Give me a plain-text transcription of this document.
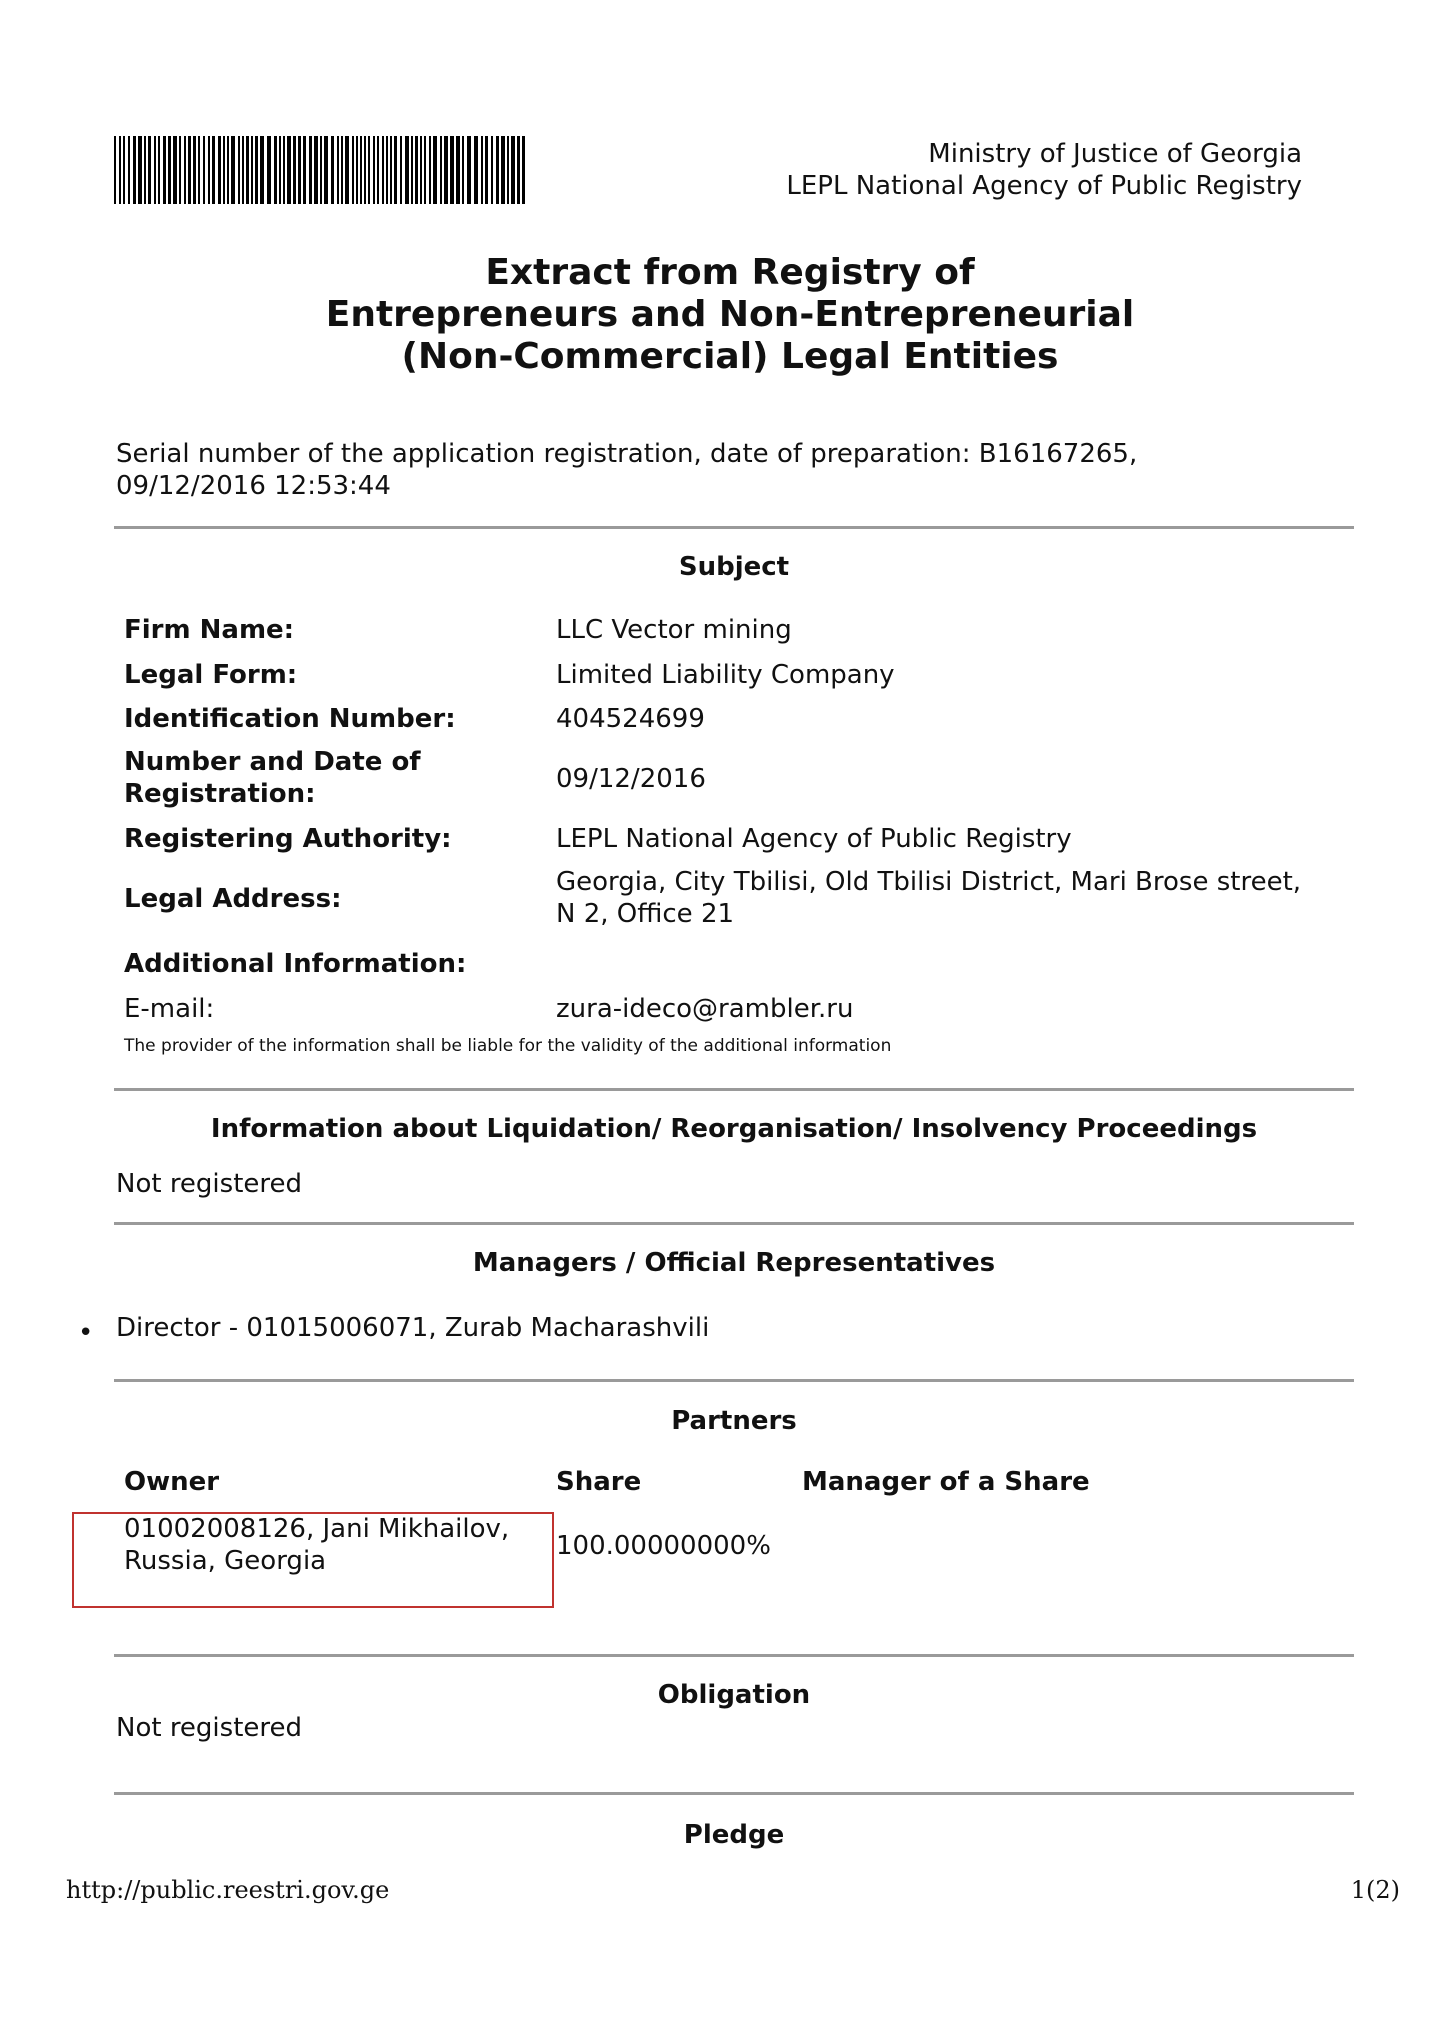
Ministry of Justice of Georgia
LEPL National Agency of Public Registry
Extract from Registry of
Entrepreneurs and Non-Entrepreneurial
(Non-Commercial) Legal Entities
Serial number of the application registration, date of preparation: B16167265,
09/12/2016 12:53:44
Subject
Firm Name:	LLC Vector mining
Legal Form:	Limited Liability Company
Identification Number:	404524699
Number and Date of
Registration:	09/12/2016
Registering Authority:	LEPL National Agency of Public Registry
Legal Address:
Georgia, City Tbilisi, Old Tbilisi District, Mari Brose street,
N 2, Office 21
Additional Information:
E-mail:	zura-ideco@rambler.ru
The provider of the information shall be liable for the validity of the additional information
Information about Liquidation/ Reorganisation/ Insolvency Proceedings
Not registered
Managers / Official Representatives
• Director - 01015006071, Zurab Macharashvili
Partners
Owner	Share	Manager of a Share
01002008126, Jani Mikhailov,
Russia, Georgia	100.00000000%
Obligation
Not registered
Pledge
http://public.reestri.gov.ge	1(2)
